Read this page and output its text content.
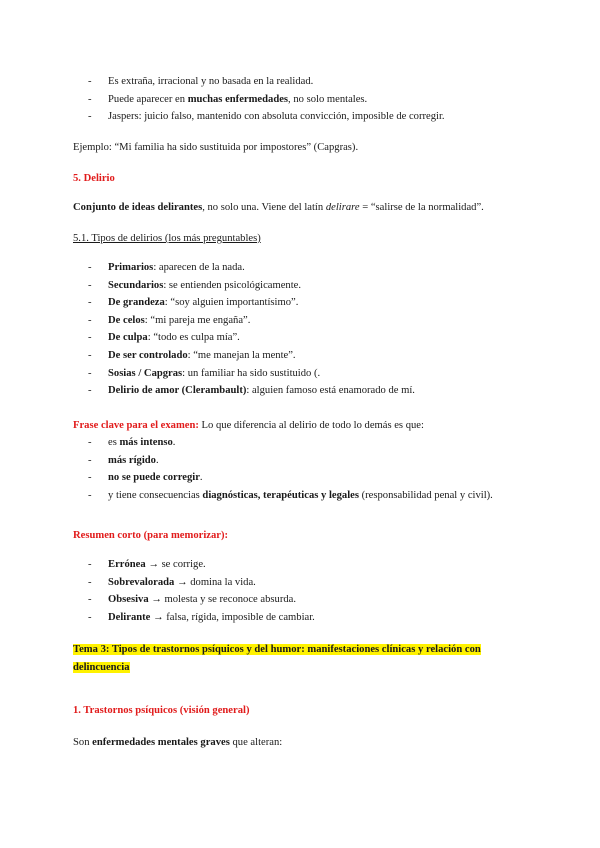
- Es extraña, irracional y no basada en la realidad.
- Puede aparecer en muchas enfermedades, no solo mentales.
- Jaspers: juicio falso, mantenido con absoluta convicción, imposible de corregir.

Ejemplo: “Mi familia ha sido sustituida por impostores” (Capgras).

5. Delirio

Conjunto de ideas delirantes, no solo una. Viene del latín delirare = “salirse de la normalidad”.

5.1. Tipos de delirios (los más preguntables)

- Primarios: aparecen de la nada.
- Secundarios: se entienden psicológicamente.
- De grandeza: “soy alguien importantísimo”.
- De celos: “mi pareja me engaña”.
- De culpa: “todo es culpa mía”.
- De ser controlado: “me manejan la mente”.
- Sosias / Capgras: un familiar ha sido sustituido (.
- Delirio de amor (Clerambault): alguien famoso está enamorado de mí.

Frase clave para el examen: Lo que diferencia al delirio de todo lo demás es que:

- es más intenso.
- más rígido.
- no se puede corregir.
- y tiene consecuencias diagnósticas, terapéuticas y legales (responsabilidad penal y civil).

Resumen corto (para memorizar):

- Errónea → se corrige.
- Sobrevalorada → domina la vida.
- Obsesiva → molesta y se reconoce absurda.
- Delirante → falsa, rígida, imposible de cambiar.
Tema 3: Tipos de trastornos psíquicos y del humor: manifestaciones clínicas y relación con
delincuencia

1. Trastornos psíquicos (visión general)

Son enfermedades mentales graves que alteran:
